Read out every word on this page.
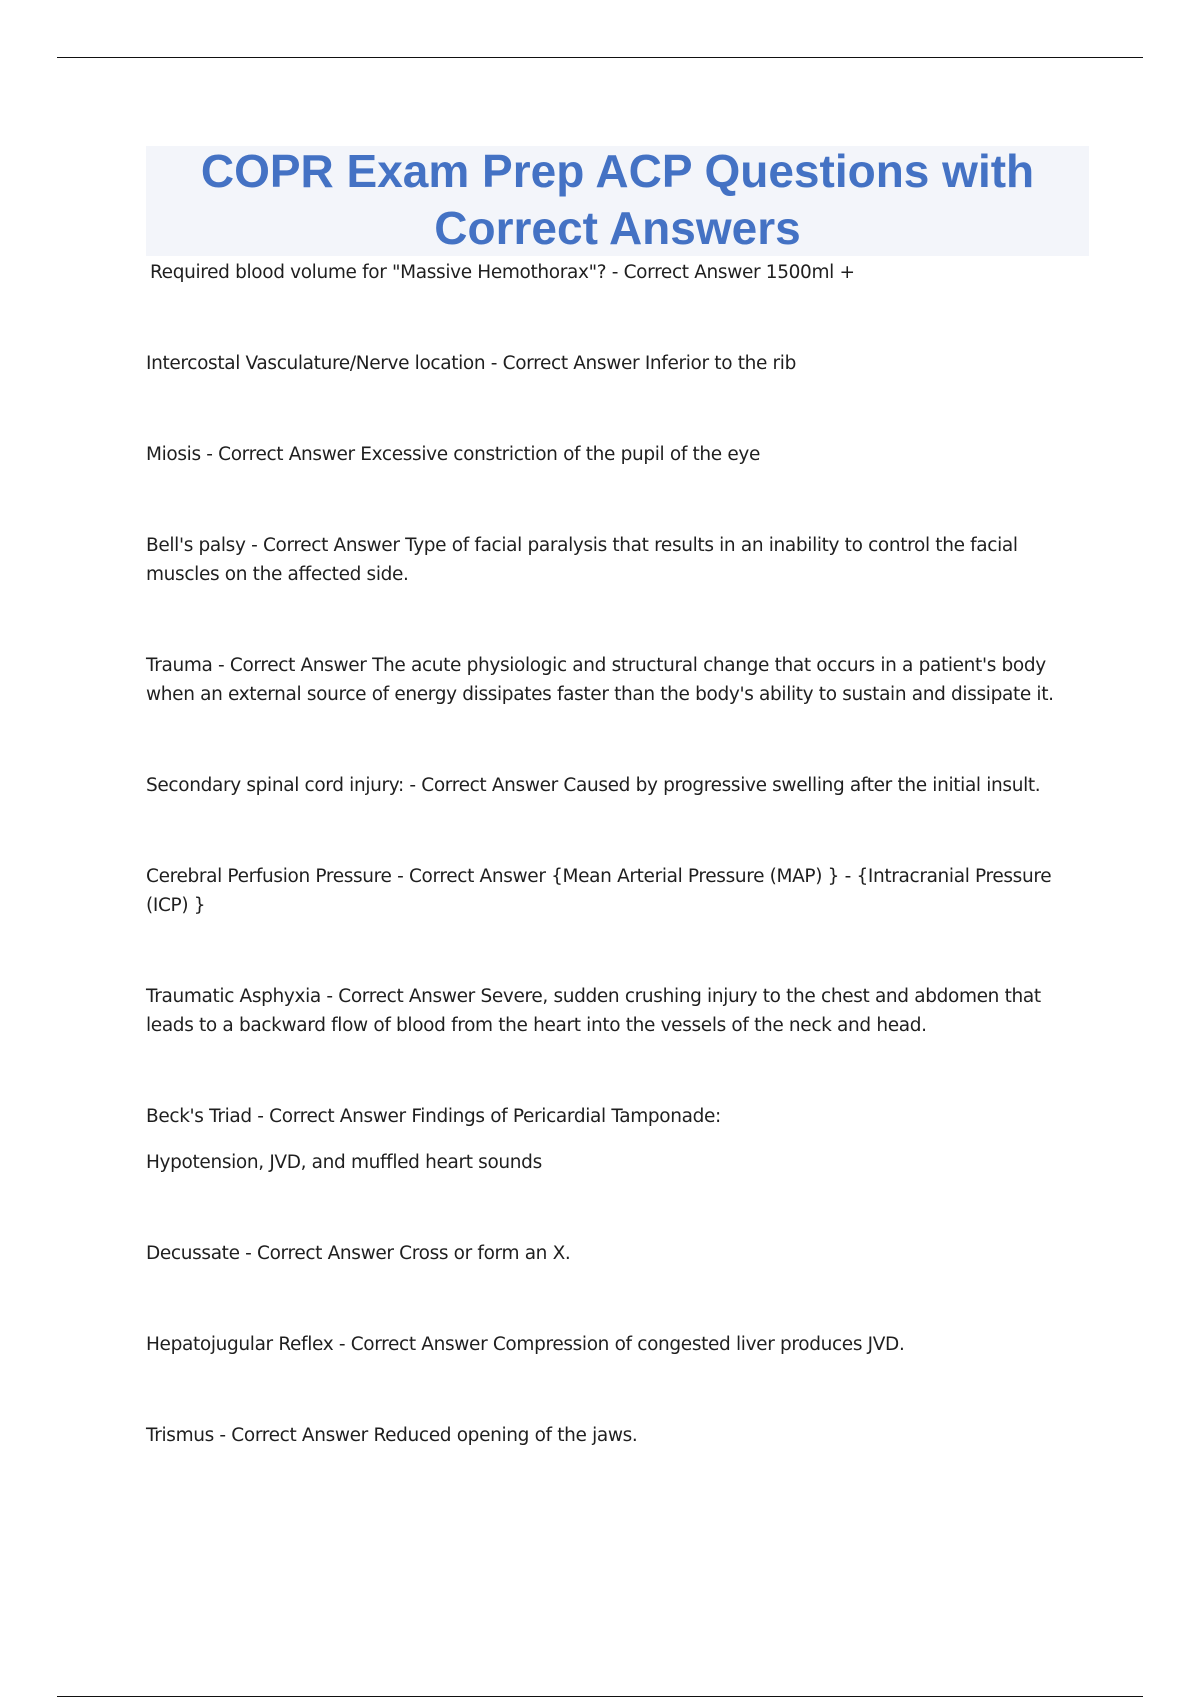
COPR Exam Prep ACP Questions with Correct Answers
Required blood volume for "Massive Hemothorax"? - Correct Answer 1500ml +
Intercostal Vasculature/Nerve location - Correct Answer Inferior to the rib
Miosis - Correct Answer Excessive constriction of the pupil of the eye
Bell's palsy - Correct Answer Type of facial paralysis that results in an inability to control the facial muscles on the affected side.
Trauma - Correct Answer The acute physiologic and structural change that occurs in a patient's body when an external source of energy dissipates faster than the body's ability to sustain and dissipate it.
Secondary spinal cord injury: - Correct Answer Caused by progressive swelling after the initial insult.
Cerebral Perfusion Pressure - Correct Answer {Mean Arterial Pressure (MAP) } - {Intracranial Pressure (ICP) }
Traumatic Asphyxia - Correct Answer Severe, sudden crushing injury to the chest and abdomen that leads to a backward flow of blood from the heart into the vessels of the neck and head.
Beck's Triad - Correct Answer Findings of Pericardial Tamponade:
Hypotension, JVD, and muffled heart sounds
Decussate - Correct Answer Cross or form an X.
Hepatojugular Reflex - Correct Answer Compression of congested liver produces JVD.
Trismus - Correct Answer Reduced opening of the jaws.
